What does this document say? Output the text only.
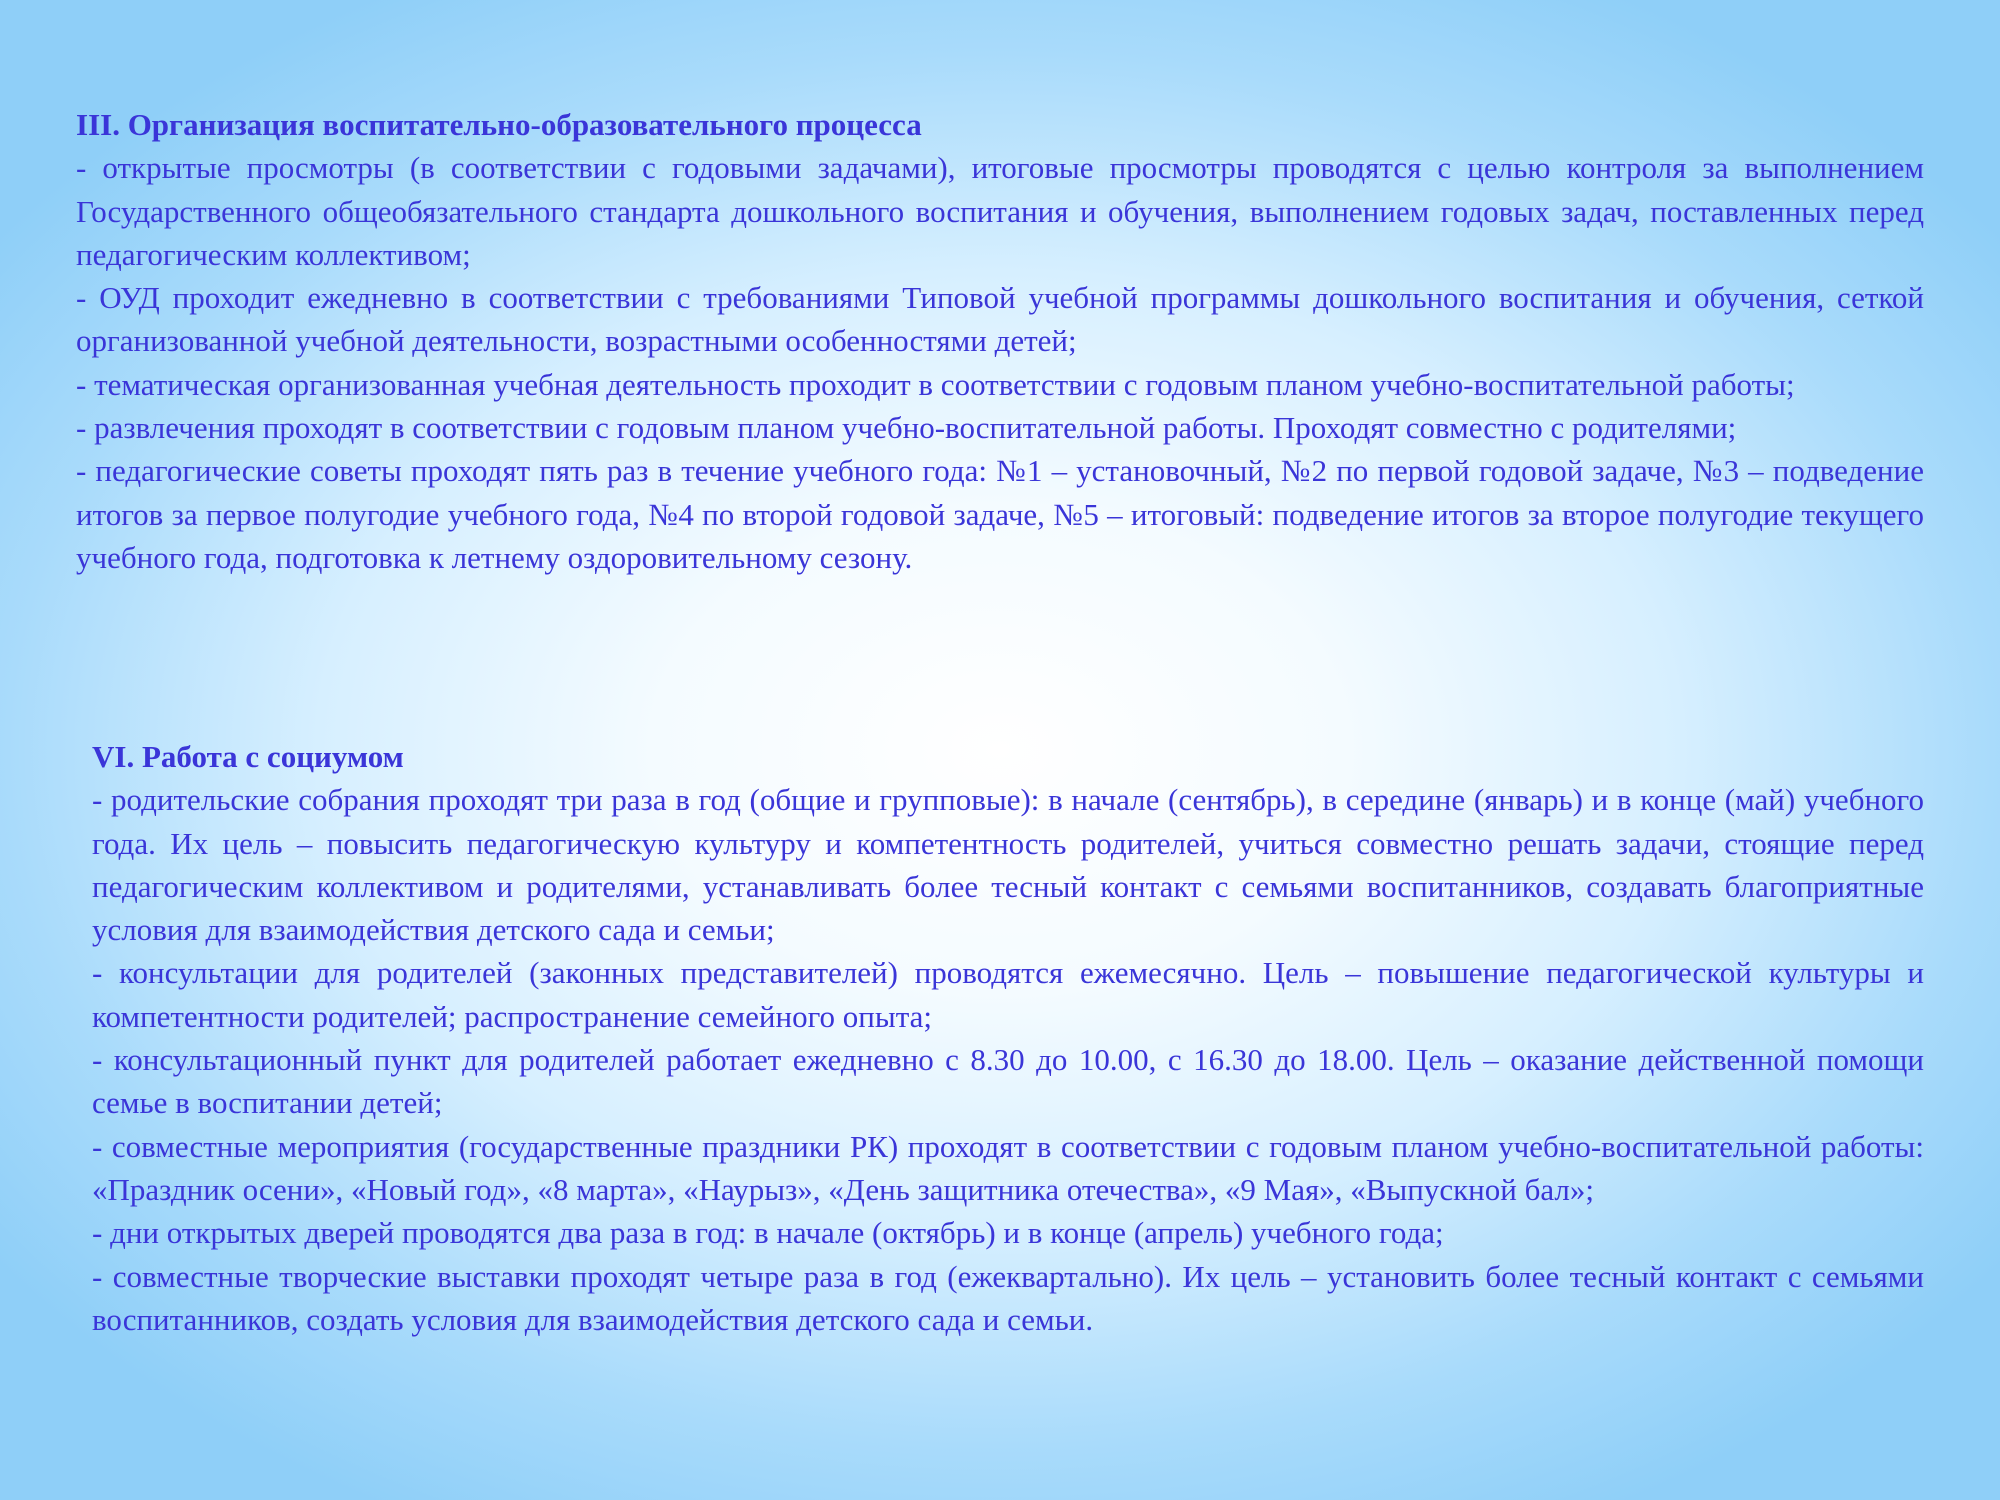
III. Организация воспитательно-образовательного процесса

- открытые просмотры (в соответствии с годовыми задачами), итоговые просмотры проводятся с целью контроля за выполнением Государственного общеобязательного стандарта дошкольного воспитания и обучения, выполнением годовых задач, поставленных перед педагогическим коллективом;

- ОУД проходит ежедневно в соответствии с требованиями Типовой учебной программы дошкольного воспитания и обучения, сеткой организованной учебной деятельности, возрастными особенностями детей;

- тематическая организованная учебная деятельность проходит в соответствии с годовым планом учебно-воспитательной работы;

- развлечения проходят в соответствии с годовым планом учебно-воспитательной работы. Проходят совместно с родителями;

- педагогические советы проходят пять раз в течение учебного года: №1 – установочный, №2 по первой годовой задаче, №3 – подведение итогов за первое полугодие учебного года, №4 по второй годовой задаче, №5 – итоговый: подведение итогов за второе полугодие текущего учебного года, подготовка к летнему оздоровительному сезону.

VI. Работа с социумом

- родительские собрания проходят три раза в год (общие и групповые): в начале (сентябрь), в середине (январь) и в конце (май) учебного года. Их цель – повысить педагогическую культуру и компетентность родителей, учиться совместно решать задачи, стоящие перед педагогическим коллективом и родителями, устанавливать более тесный контакт с семьями воспитанников, создавать благоприятные условия для взаимодействия детского сада и семьи;

- консультации для родителей (законных представителей) проводятся ежемесячно. Цель – повышение педагогической культуры и компетентности родителей; распространение семейного опыта;

- консультационный пункт для родителей работает ежедневно с 8.30 до 10.00, с 16.30 до 18.00. Цель – оказание действенной помощи семье в воспитании детей;

- совместные мероприятия (государственные праздники РК) проходят в соответствии с годовым планом учебно-воспитательной работы: «Праздник осени», «Новый год», «8 марта», «Наурыз», «День защитника отечества», «9 Мая», «Выпускной бал»;

- дни открытых дверей проводятся два раза в год: в начале (октябрь) и в конце (апрель) учебного года;

- совместные творческие выставки проходят четыре раза в год (ежеквартально). Их цель – установить более тесный контакт с семьями воспитанников, создать условия для взаимодействия детского сада и семьи.
